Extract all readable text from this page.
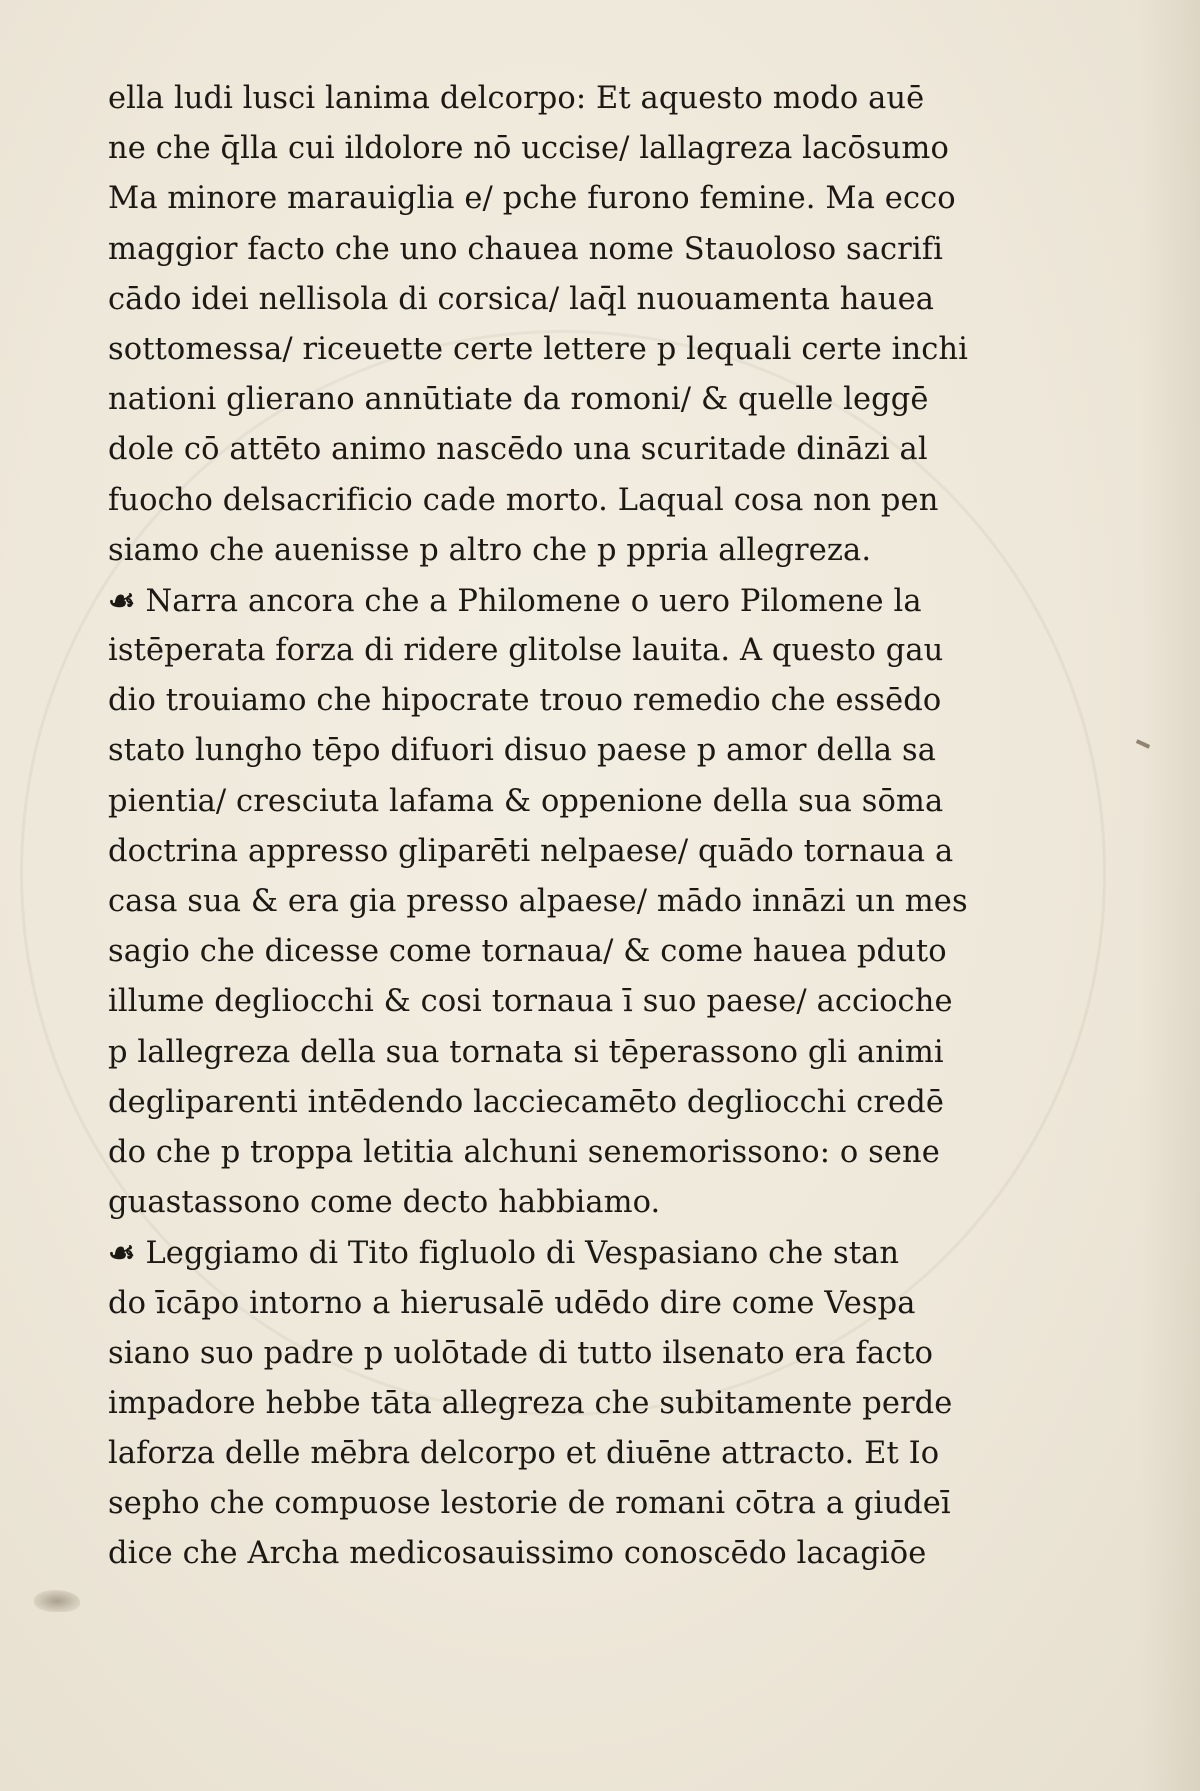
ella ludi lusci lanima delcorpo: Et aquesto modo auē
ne che q̄lla cui ildolore nō uccise/ lallagreza lacōsumo
Ma minore marauiglia e/ pche furono femine. Ma ecco
maggior facto che uno chauea nome Stauoloso sacrifi
cādo idei nellisola di corsica/ laq̄l nuouamenta hauea
sottomessa/ riceuette certe lettere p lequali certe inchi
nationi glierano annūtiate da romoni/ & quelle leggē
dole cō attēto animo nascēdo una scuritade dināzi al
fuocho delsacrificio cade morto. Laqual cosa non pen
siamo che auenisse p altro che p ppria allegreza.
☙ Narra ancora che a Philomene o uero Pilomene la
istēperata forza di ridere glitolse lauita. A questo gau
dio trouiamo che hipocrate trouo remedio che essēdo
stato lungho tēpo difuori disuo paese p amor della sa
pientia/ cresciuta lafama & oppenione della sua sōma
doctrina appresso gliparēti nelpaese/ quādo tornaua a
casa sua & era gia presso alpaese/ mādo innāzi un mes
sagio che dicesse come tornaua/ & come hauea pduto
illume degliocchi & cosi tornaua ī suo paese/ accioche
p lallegreza della sua tornata si tēperassono gli animi
degliparenti intēdendo lacciecamēto degliocchi credē
do che p troppa letitia alchuni senemorissono: o sene
guastassono come decto habbiamo.
☙ Leggiamo di Tito figluolo di Vespasiano che stan
do īcāpo intorno a hierusalē udēdo dire come Vespa
siano suo padre p uolōtade di tutto ilsenato era facto
impadore hebbe tāta allegreza che subitamente perde
laforza delle mēbra delcorpo et diuēne attracto. Et Io
sepho che compuose lestorie de romani cōtra a giudeī
dice che Archa medicosauissimo conoscēdo lacagiōe
